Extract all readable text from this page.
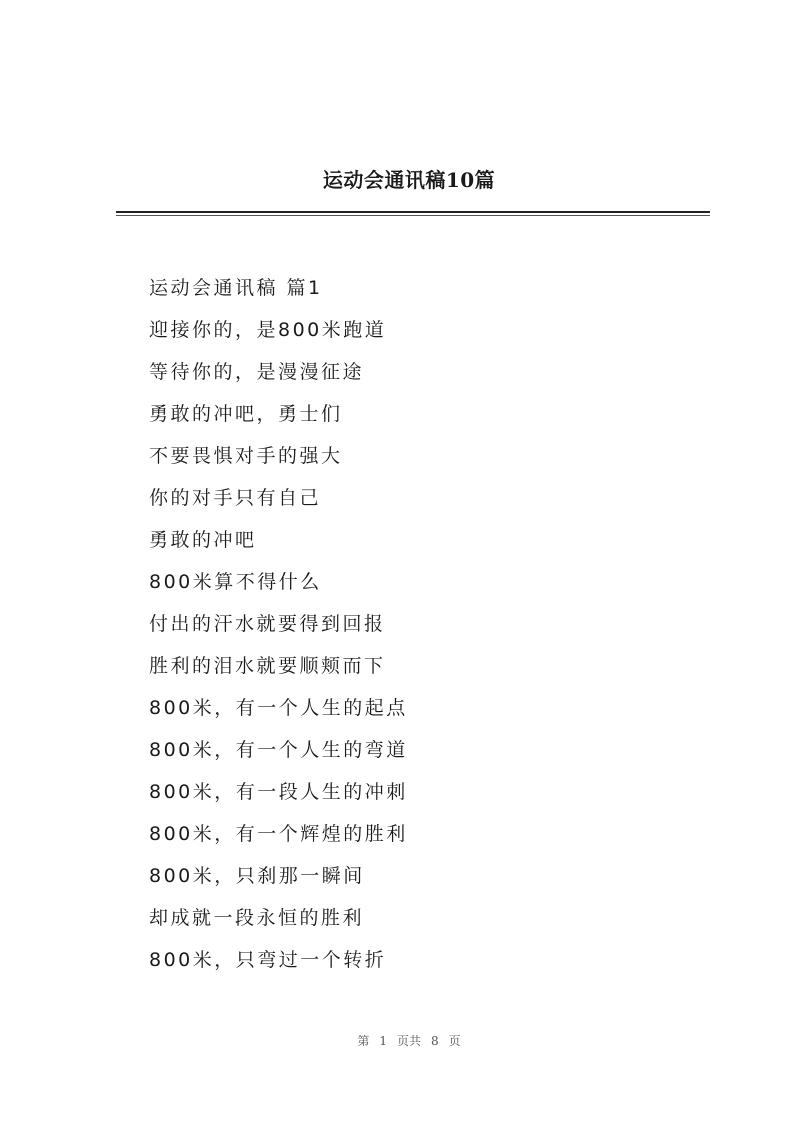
运动会通讯稿10篇
运动会通讯稿 篇1
迎接你的，是800米跑道
等待你的，是漫漫征途
勇敢的冲吧，勇士们
不要畏惧对手的强大
你的对手只有自己
勇敢的冲吧
800米算不得什么
付出的汗水就要得到回报
胜利的泪水就要顺颊而下
800米，有一个人生的起点
800米，有一个人生的弯道
800米，有一段人生的冲刺
800米，有一个辉煌的胜利
800米，只刹那一瞬间
却成就一段永恒的胜利
800米，只弯过一个转折
第 1 页共 8 页
